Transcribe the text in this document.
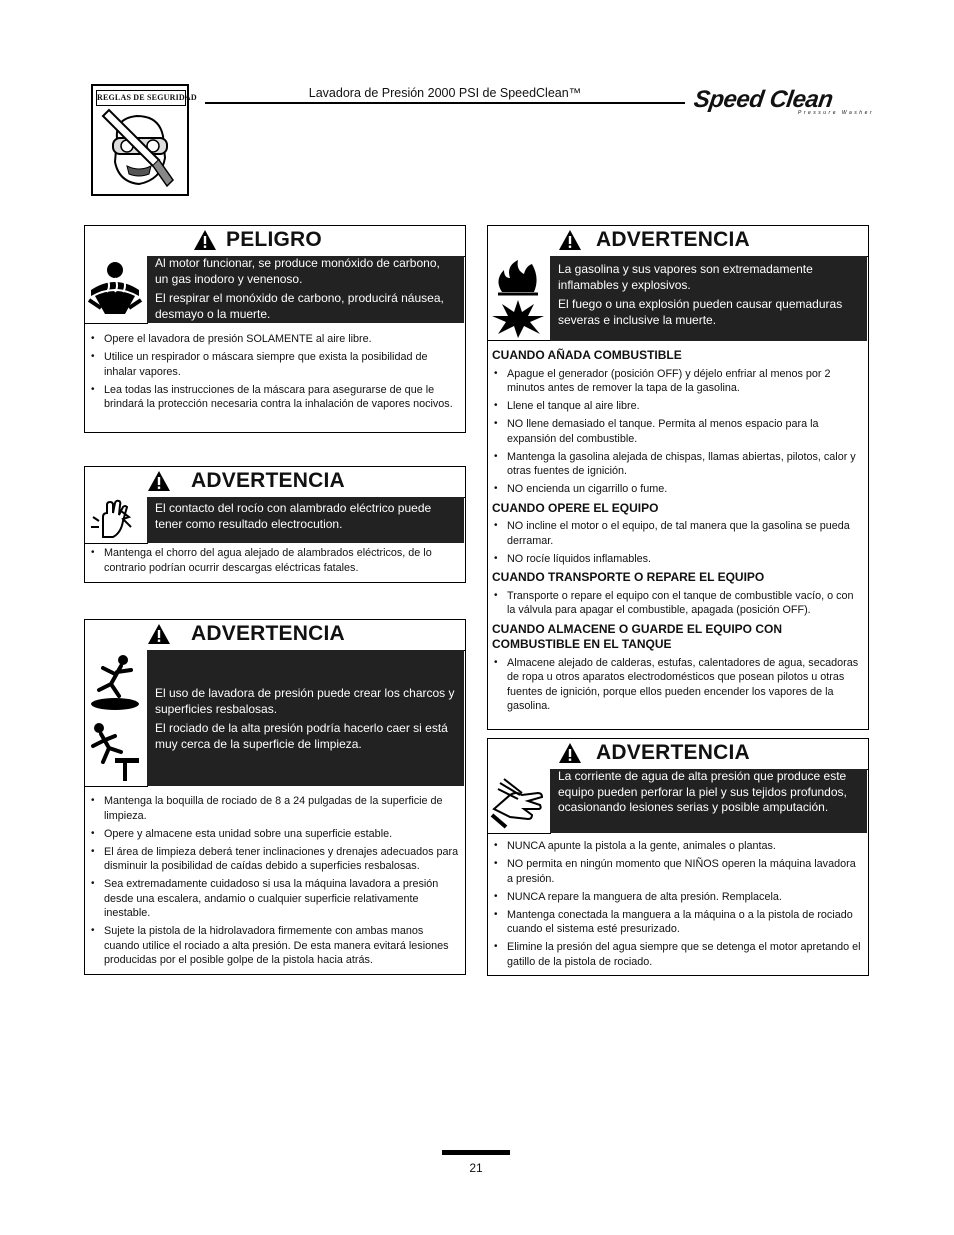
REGLAS DE SEGURIDAD	Lavadora de Presión 2000 PSI de SpeedClean™	Speed Clean
Pressure Washer
PELIGRO

Al motor funcionar, se produce monóxido de carbono, un gas inodoro y venenoso.

El respirar el monóxido de carbono, producirá náusea, desmayo o la muerte.

• Opere el lavadora de presión SOLAMENTE al aire libre.
• Utilice un respirador o máscara siempre que exista la posibilidad de inhalar vapores.
• Lea todas las instrucciones de la máscara para asegurarse de que le brindará la protección necesaria contra la inhalación de vapores nocivos.
ADVERTENCIA

El contacto del rocío con alambrado eléctrico puede tener como resultado electrocution.

• Mantenga el chorro del agua alejado de alambrados eléctricos, de lo contrario podrían ocurrir descargas eléctricas fatales.
ADVERTENCIA

El uso de lavadora de presión puede crear los charcos y superficies resbalosas.

El rociado de la alta presión podría hacerlo caer si está muy cerca de la superficie de limpieza.

• Mantenga la boquilla de rociado de 8 a 24 pulgadas de la superficie de limpieza.
• Opere y almacene esta unidad sobre una superficie estable.
• El área de limpieza deberá tener inclinaciones y drenajes adecuados para disminuir la posibilidad de caídas debido a superficies resbalosas.
• Sea extremadamente cuidadoso si usa la máquina lavadora a presión desde una escalera, andamio o cualquier superficie relativamente inestable.
• Sujete la pistola de la hidrolavadora firmemente con ambas manos cuando utilice el rociado a alta presión. De esta manera evitará lesiones producidas por el posible golpe de la pistola hacia atrás.
ADVERTENCIA

La gasolina y sus vapores son extremadamente inflamables y explosivos.

El fuego o una explosión pueden causar quemaduras severas e inclusive la muerte.

CUANDO AÑADA COMBUSTIBLE
• Apague el generador (posición OFF) y déjelo enfriar al menos por 2 minutos antes de remover la tapa de la gasolina.
• Llene el tanque al aire libre.
• NO llene demasiado el tanque. Permita al menos espacio para la expansión del combustible.
• Mantenga la gasolina alejada de chispas, llamas abiertas, pilotos, calor y otras fuentes de ignición.
• NO encienda un cigarrillo o fume.
CUANDO OPERE EL EQUIPO
• NO incline el motor o el equipo, de tal manera que la gasolina se pueda derramar.
• NO rocíe líquidos inflamables.
CUANDO TRANSPORTE O REPARE EL EQUIPO
• Transporte o repare el equipo con el tanque de combustible vacío, o con la válvula para apagar el combustible, apagada (posición OFF).
CUANDO ALMACENE O GUARDE EL EQUIPO CON COMBUSTIBLE EN EL TANQUE
• Almacene alejado de calderas, estufas, calentadores de agua, secadoras de ropa u otros aparatos electrodomésticos que posean pilotos u otras fuentes de ignición, porque ellos pueden encender los vapores de la gasolina.
ADVERTENCIA

La corriente de agua de alta presión que produce este equipo pueden perforar la piel y sus tejidos profundos, ocasionando lesiones serias y posible amputación.

• NUNCA apunte la pistola a la gente, animales o plantas.
• NO permita en ningún momento que NIÑOS operen la máquina lavadora a presión.
• NUNCA repare la manguera de alta presión. Remplacela.
• Mantenga conectada la manguera a la máquina o a la pistola de rociado cuando el sistema esté presurizado.
• Elimine la presión del agua siempre que se detenga el motor apretando el gatillo de la pistola de rociado.
21
